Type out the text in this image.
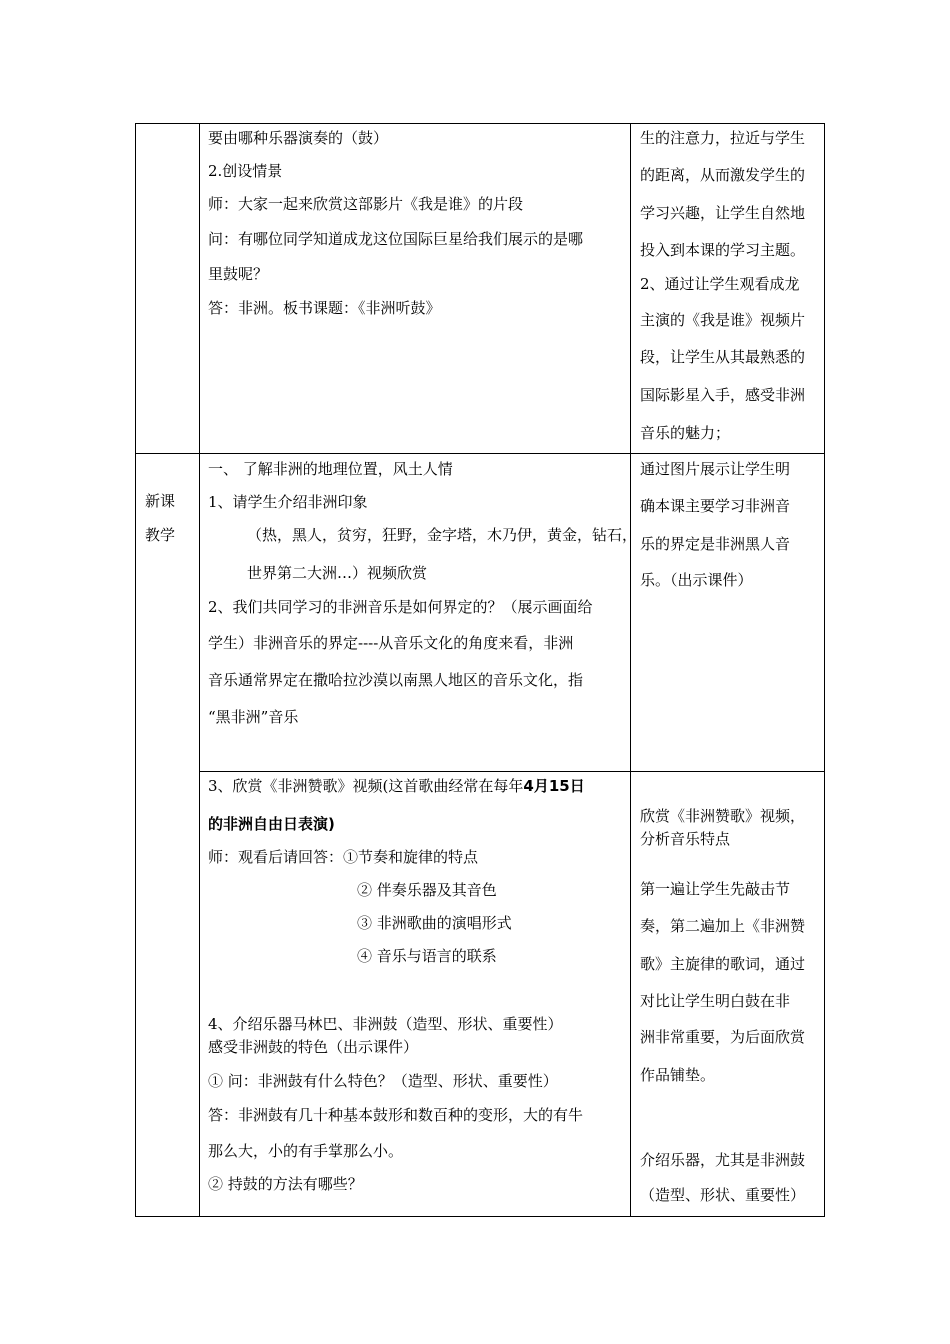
要由哪种乐器演奏的（鼓）
2.创设情景
师：大家一起来欣赏这部影片《我是谁》的片段
问：有哪位同学知道成龙这位国际巨星给我们展示的是哪
里鼓呢？
答：非洲。板书课题：《非洲听鼓》
生的注意力，拉近与学生
的距离，从而激发学生的
学习兴趣，让学生自然地
投入到本课的学习主题。
2、通过让学生观看成龙
主演的《我是谁》视频片
段，让学生从其最熟悉的
国际影星入手，感受非洲
音乐的魅力；
新课
教学
一、 了解非洲的地理位置，风土人情
1、请学生介绍非洲印象
（热，黑人，贫穷，狂野，金字塔，木乃伊，黄金，钻石，
世界第二大洲…）视频欣赏
2、我们共同学习的非洲音乐是如何界定的？（展示画面给
学生）非洲音乐的界定----从音乐文化的角度来看，非洲
音乐通常界定在撒哈拉沙漠以南黑人地区的音乐文化，指
“黑非洲”音乐
通过图片展示让学生明
确本课主要学习非洲音
乐的界定是非洲黑人音
乐。（出示课件）
3、欣赏《非洲赞歌》视频(这首歌曲经常在每年4月15日
的非洲自由日表演)
师：观看后请回答：①节奏和旋律的特点
② 伴奏乐器及其音色
③ 非洲歌曲的演唱形式
④ 音乐与语言的联系
4、介绍乐器马林巴、非洲鼓（造型、形状、重要性）
感受非洲鼓的特色（出示课件）
① 问：非洲鼓有什么特色？（造型、形状、重要性）
答：非洲鼓有几十种基本鼓形和数百种的变形，大的有牛
那么大，小的有手掌那么小。
② 持鼓的方法有哪些？
欣赏《非洲赞歌》视频，
分析音乐特点
第一遍让学生先敲击节
奏，第二遍加上《非洲赞
歌》主旋律的歌词，通过
对比让学生明白鼓在非
洲非常重要，为后面欣赏
作品铺垫。
介绍乐器，尤其是非洲鼓
（造型、形状、重要性）
